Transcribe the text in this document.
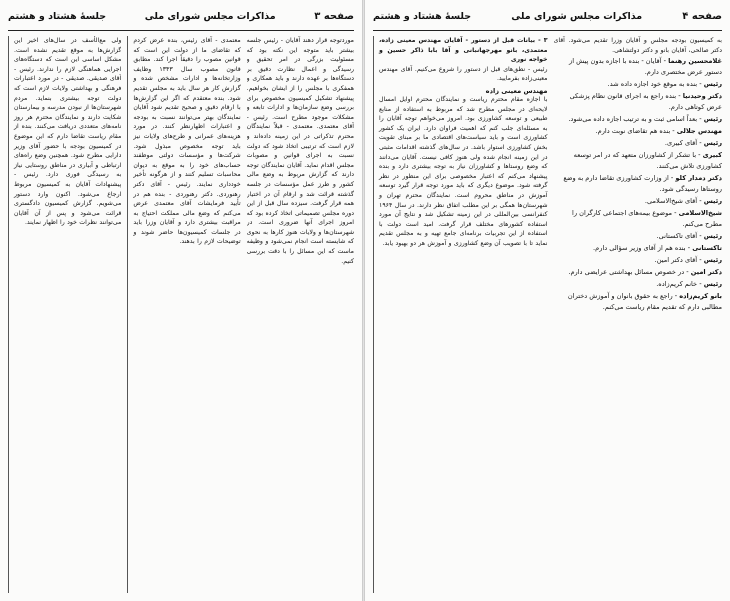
صفحه ۳
مذاکرات مجلس شورای ملی
جلسهٔ هشتاد و هشتم

موردتوجه قرار دهند آقایان - رئیس جلسه بیشتر باید متوجه این نکته بود که مسئولیت بزرگی در امر تحقیق و رسیدگی و اعمال نظارت دقیق بر دستگاه‌ها بر عهده دارند و باید همکاری و همفکری با مجلس را از ایشان بخواهیم. پیشنهاد تشکیل کمیسیون مخصوص برای بررسی وضع سازمان‌ها و ادارات تابعه و مشکلات موجود مطرح است. رئیس - آقای معتمدی. معتمدی - قبلاً نمایندگان محترم تذکراتی در این زمینه داده‌اند و لازم است که ترتیبی اتخاذ شود که دولت نسبت به اجرای قوانین و مصوبات مجلس اقدام نماید. آقایان نمایندگان توجه دارند که گزارش مربوط به وضع مالی کشور و طرز عمل مؤسسات در جلسه گذشته قرائت شد و ارقام آن در اختیار همه قرار گرفت. سیزده سال قبل از این دوره مجلس تصمیماتی اتخاذ کرده بود که امروز اجرای آنها ضروری است. در شهرستان‌ها و ولایات هنوز کارها به نحوی که شایسته است انجام نمی‌شود و وظیفه ماست که این مسائل را با دقت بررسی کنیم.

معتمدی - آقای رئیس، بنده عرض کردم که تقاضای ما از دولت این است که قوانین مصوب را دقیقاً اجرا کند. مطابق قانون مصوب سال ۱۳۴۳ وظایف وزارتخانه‌ها و ادارات مشخص شده و گزارش کار هر سال باید به مجلس تقدیم شود. بنده معتقدم که اگر این گزارش‌ها با ارقام دقیق و صحیح تقدیم شود آقایان نمایندگان بهتر می‌توانند نسبت به بودجه و اعتبارات اظهارنظر کنند. در مورد هزینه‌های عمرانی و طرح‌های ولایات نیز باید توجه مخصوص مبذول شود. شرکت‌ها و مؤسسات دولتی موظفند حساب‌های خود را به موقع به دیوان محاسبات تسلیم کنند و از هرگونه تأخیر خودداری نمایند. رئیس - آقای دکتر رهنوردی. دکتر رهنوردی - بنده هم در تأیید فرمایشات آقای معتمدی عرض می‌کنم که وضع مالی مملکت احتیاج به مراقبت بیشتری دارد و آقایان وزرا باید در جلسات کمیسیون‌ها حاضر شوند و توضیحات لازم را بدهند.

ولی مع‌الأسف در سال‌های اخیر این گزارش‌ها به موقع تقدیم نشده است. مشکل اساسی این است که دستگاه‌های اجرایی هماهنگی لازم را ندارند. رئیس - آقای صدیقی. صدیقی - در مورد اعتبارات فرهنگی و بهداشتی ولایات لازم است که دولت توجه بیشتری بنماید. مردم شهرستان‌ها از نبودن مدرسه و بیمارستان شکایت دارند و نمایندگان محترم هر روز نامه‌های متعددی دریافت می‌کنند. بنده از مقام ریاست تقاضا دارم که این موضوع در کمیسیون بودجه با حضور آقای وزیر دارایی مطرح شود. همچنین وضع راه‌های ارتباطی و آبیاری در مناطق روستایی نیاز به رسیدگی فوری دارد. رئیس - پیشنهادات آقایان به کمیسیون مربوط ارجاع می‌شود. اکنون وارد دستور می‌شویم. گزارش کمیسیون دادگستری قرائت می‌شود و پس از آن آقایان می‌توانند نظرات خود را اظهار نمایند.

صفحه ۴
مذاکرات مجلس شورای ملی
جلسهٔ هشتاد و هشتم

به کمیسیون بودجه مجلس و آقایان وزرا تقدیم می‌شود. آقای دکتر صالحی، آقایان بانو و دکتر دولتشاهی.

غلامحسین رهنما - آقایان - بنده با اجازه بدون پیش از دستور عرض مختصری دارم.

رئیس - بنده به موقع خود اجازه داده شد.

دکتر وحیدنیا - بنده راجع به اجرای قانون نظام پزشکی عرض کوتاهی دارم.

رئیس - بعداً اسامی ثبت و به ترتیب اجازه داده می‌شود.

مهندس جلالی - بنده هم تقاضای نوبت دارم.

رئیس - آقای کبیری.

کبیری - با تشکر از کشاورزان متعهد که در امر توسعه کشاورزی تلاش می‌کنند.

دکتر دمدار کلو - از وزارت کشاورزی تقاضا دارم به وضع روستاها رسیدگی شود.

رئیس - آقای شیخ‌الاسلامی.

شیخ‌الاسلامی - موضوع بیمه‌های اجتماعی کارگران را مطرح می‌کنم.

رئیس - آقای تاکستانی.

تاکستانی - بنده هم از آقای وزیر سؤالی دارم.

رئیس - آقای دکتر امین.

دکتر امین - در خصوص مسائل بهداشتی عرایضی دارم.

رئیس - خانم کریم‌زاده.

بانو کریم‌زاده - راجع به حقوق بانوان و آموزش دختران مطالبی دارم که تقدیم مقام ریاست می‌کنم.

۳ - بیانات قبل از دستور - آقایان مهندس معینی زاده، معتمدی، بانو مهرجهانبانی و آقا بابا ذاکر حسین و خواجه نوری

رئیس - نطق‌های قبل از دستور را شروع می‌کنیم. آقای مهندس معینی‌زاده بفرمایید.

مهندس معینی زاده

با اجازه مقام محترم ریاست و نمایندگان محترم اوایل امسال لایحه‌ای در مجلس مطرح شد که مربوط به استفاده از منابع طبیعی و توسعه کشاورزی بود. امروز می‌خواهم توجه آقایان را به مسئله‌ای جلب کنم که اهمیت فراوان دارد. ایران یک کشور کشاورزی است و باید سیاست‌های اقتصادی ما بر مبنای تقویت بخش کشاورزی استوار باشد. در سال‌های گذشته اقدامات مثبتی در این زمینه انجام شده ولی هنوز کافی نیست. آقایان می‌دانند که وضع روستاها و کشاورزان نیاز به توجه بیشتری دارد و بنده پیشنهاد می‌کنم که اعتبار مخصوصی برای این منظور در نظر گرفته شود. موضوع دیگری که باید مورد توجه قرار گیرد توسعه آموزش در مناطق محروم است. نمایندگان محترم تهران و شهرستان‌ها همگی بر این مطلب اتفاق نظر دارند. در سال ۱۹۶۴ کنفرانسی بین‌المللی در این زمینه تشکیل شد و نتایج آن مورد استفاده کشورهای مختلف قرار گرفت. امید است دولت با استفاده از این تجربیات برنامه‌ای جامع تهیه و به مجلس تقدیم نماید تا با تصویب آن وضع کشاورزی و آموزش هر دو بهبود یابد.
